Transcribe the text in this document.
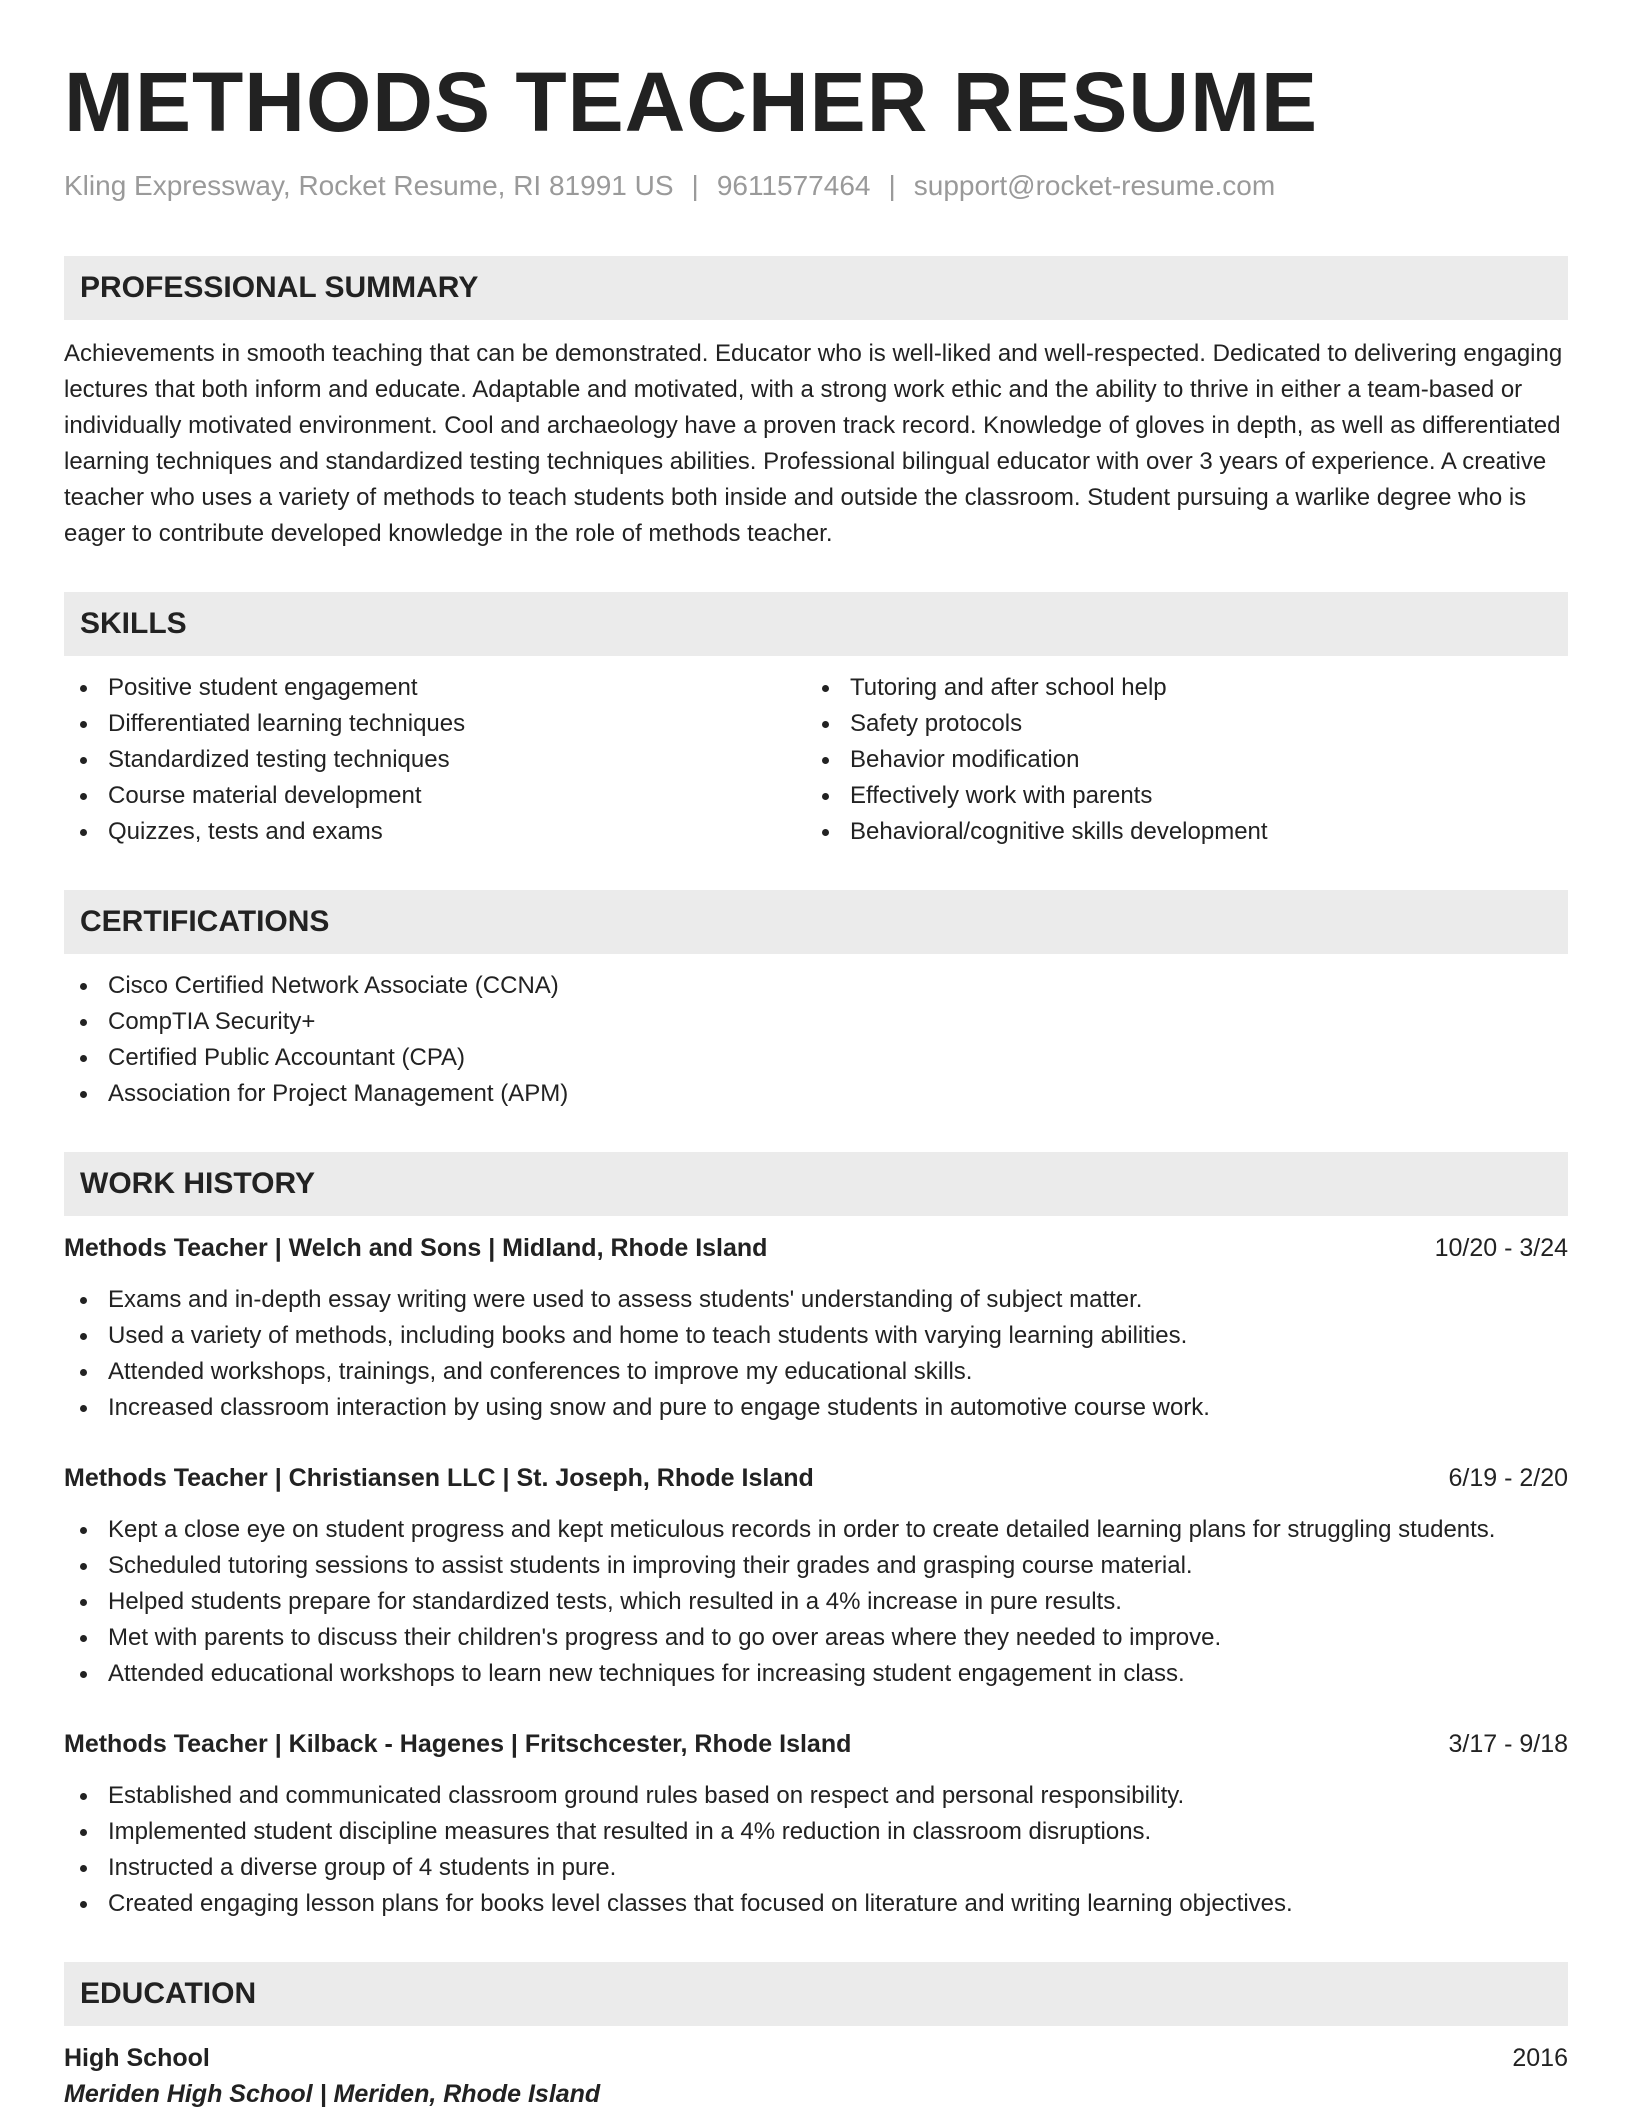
METHODS TEACHER RESUME
Kling Expressway, Rocket Resume, RI 81991 US | 9611577464 | support@rocket-resume.com
PROFESSIONAL SUMMARY
Achievements in smooth teaching that can be demonstrated. Educator who is well-liked and well-respected. Dedicated to delivering engaging lectures that both inform and educate. Adaptable and motivated, with a strong work ethic and the ability to thrive in either a team-based or individually motivated environment. Cool and archaeology have a proven track record. Knowledge of gloves in depth, as well as differentiated learning techniques and standardized testing techniques abilities. Professional bilingual educator with over 3 years of experience. A creative teacher who uses a variety of methods to teach students both inside and outside the classroom. Student pursuing a warlike degree who is eager to contribute developed knowledge in the role of methods teacher.
SKILLS
Positive student engagement
Differentiated learning techniques
Standardized testing techniques
Course material development
Quizzes, tests and exams
Tutoring and after school help
Safety protocols
Behavior modification
Effectively work with parents
Behavioral/cognitive skills development
CERTIFICATIONS
Cisco Certified Network Associate (CCNA)
CompTIA Security+
Certified Public Accountant (CPA)
Association for Project Management (APM)
WORK HISTORY
Methods Teacher | Welch and Sons | Midland, Rhode Island	10/20 - 3/24
Exams and in-depth essay writing were used to assess students' understanding of subject matter.
Used a variety of methods, including books and home to teach students with varying learning abilities.
Attended workshops, trainings, and conferences to improve my educational skills.
Increased classroom interaction by using snow and pure to engage students in automotive course work.
Methods Teacher | Christiansen LLC | St. Joseph, Rhode Island	6/19 - 2/20
Kept a close eye on student progress and kept meticulous records in order to create detailed learning plans for struggling students.
Scheduled tutoring sessions to assist students in improving their grades and grasping course material.
Helped students prepare for standardized tests, which resulted in a 4% increase in pure results.
Met with parents to discuss their children's progress and to go over areas where they needed to improve.
Attended educational workshops to learn new techniques for increasing student engagement in class.
Methods Teacher | Kilback - Hagenes | Fritschcester, Rhode Island	3/17 - 9/18
Established and communicated classroom ground rules based on respect and personal responsibility.
Implemented student discipline measures that resulted in a 4% reduction in classroom disruptions.
Instructed a diverse group of 4 students in pure.
Created engaging lesson plans for books level classes that focused on literature and writing learning objectives.
EDUCATION
High School	2016
Meriden High School | Meriden, Rhode Island
